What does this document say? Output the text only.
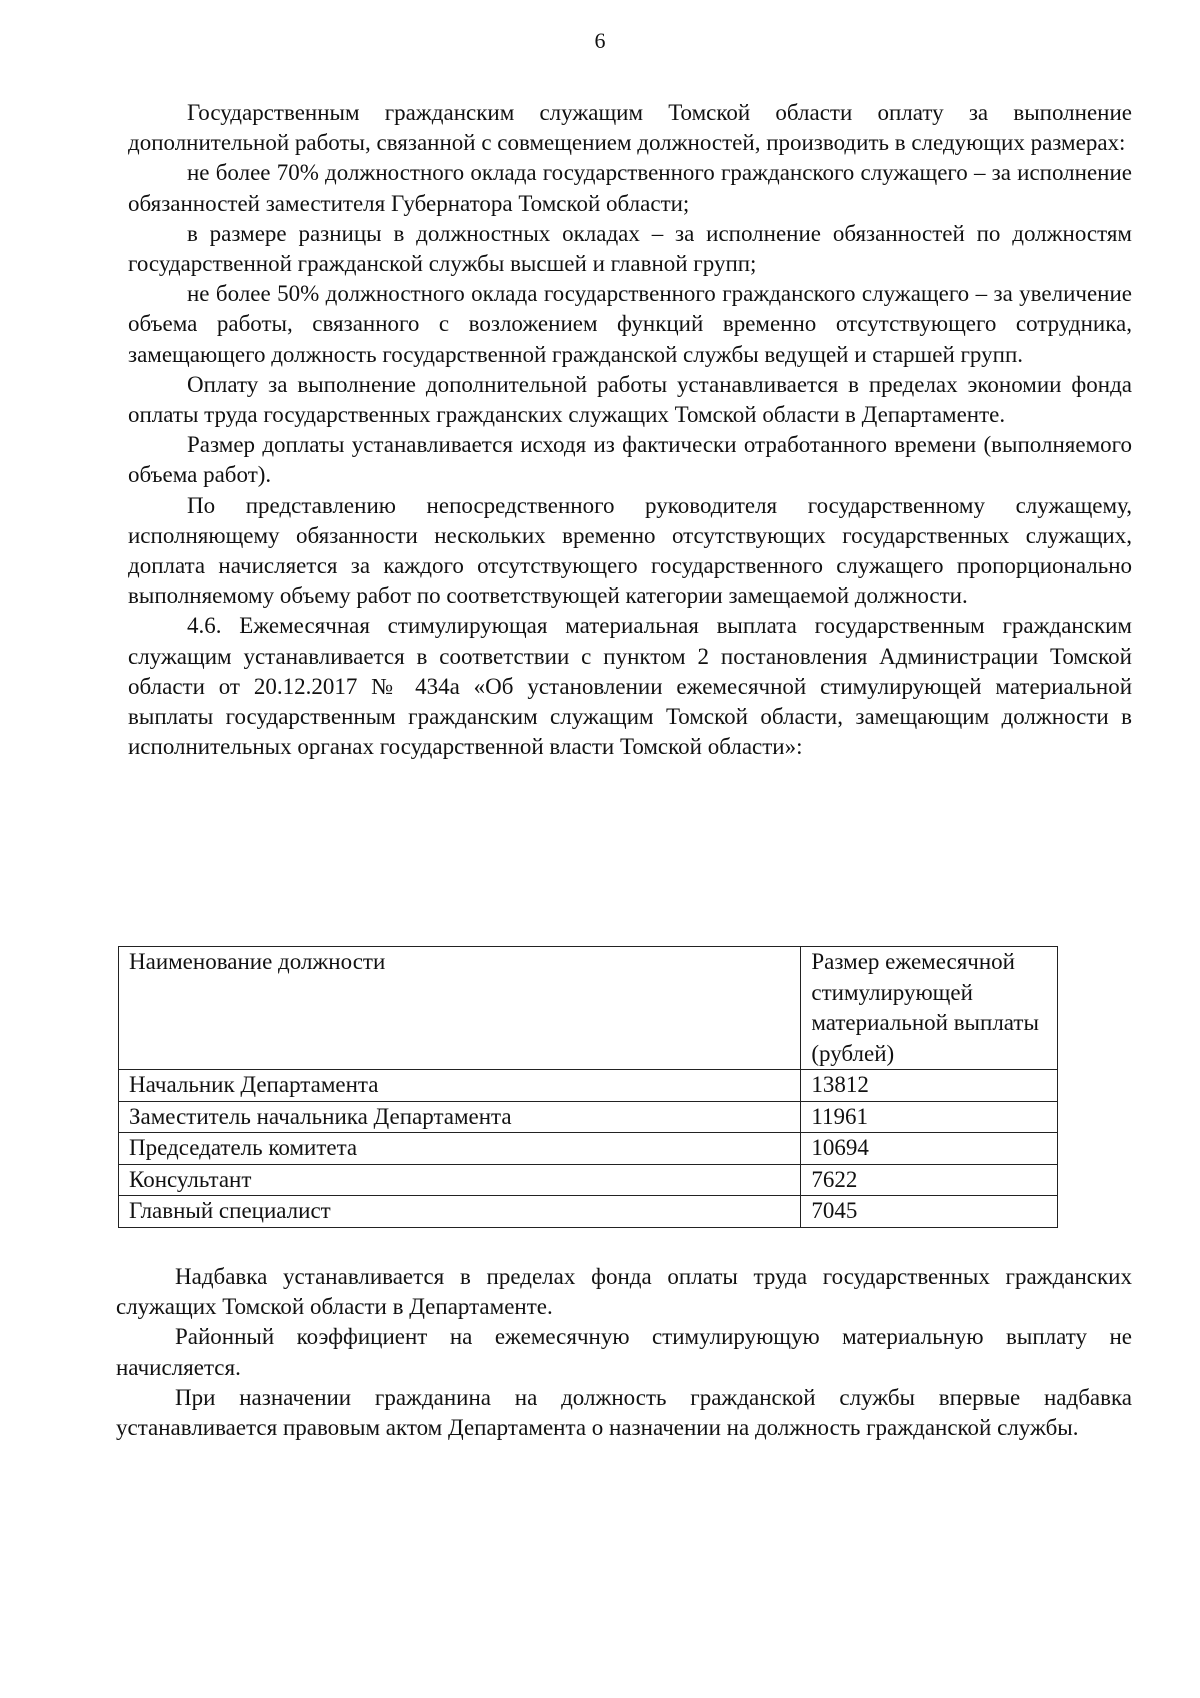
6

Государственным гражданским служащим Томской области оплату за выполнение дополнительной работы, связанной с совмещением должностей, производить в следующих размерах:

не более 70% должностного оклада государственного гражданского служащего – за исполнение обязанностей заместителя Губернатора Томской области;

в размере разницы в должностных окладах – за исполнение обязанностей по должностям государственной гражданской службы высшей и главной групп;

не более 50% должностного оклада государственного гражданского служащего – за увеличение объема работы, связанного с возложением функций временно отсутствующего сотрудника, замещающего должность государственной гражданской службы ведущей и старшей групп.

Оплату за выполнение дополнительной работы устанавливается в пределах экономии фонда оплаты труда государственных гражданских служащих Томской области в Департаменте.

Размер доплаты устанавливается исходя из фактически отработанного времени (выполняемого объема работ).

По представлению непосредственного руководителя государственному служащему, исполняющему обязанности нескольких временно отсутствующих государственных служащих, доплата начисляется за каждого отсутствующего государственного служащего пропорционально выполняемому объему работ по соответствующей категории замещаемой должности.

4.6. Ежемесячная стимулирующая материальная выплата государственным гражданским служащим устанавливается в соответствии с пунктом 2 постановления Администрации Томской области от 20.12.2017 № 434а «Об установлении ежемесячной стимулирующей материальной выплаты государственным гражданским служащим Томской области, замещающим должности в исполнительных органах государственной власти Томской области»:

Наименование должности	Размер ежемесячной стимулирующей материальной выплаты (рублей)
Начальник Департамента	13812
Заместитель начальника Департамента	11961
Председатель комитета	10694
Консультант	7622
Главный специалист	7045

Надбавка устанавливается в пределах фонда оплаты труда государственных гражданских служащих Томской области в Департаменте.

Районный коэффициент на ежемесячную стимулирующую материальную выплату не начисляется.

При назначении гражданина на должность гражданской службы впервые надбавка устанавливается правовым актом Департамента о назначении на должность гражданской службы.
